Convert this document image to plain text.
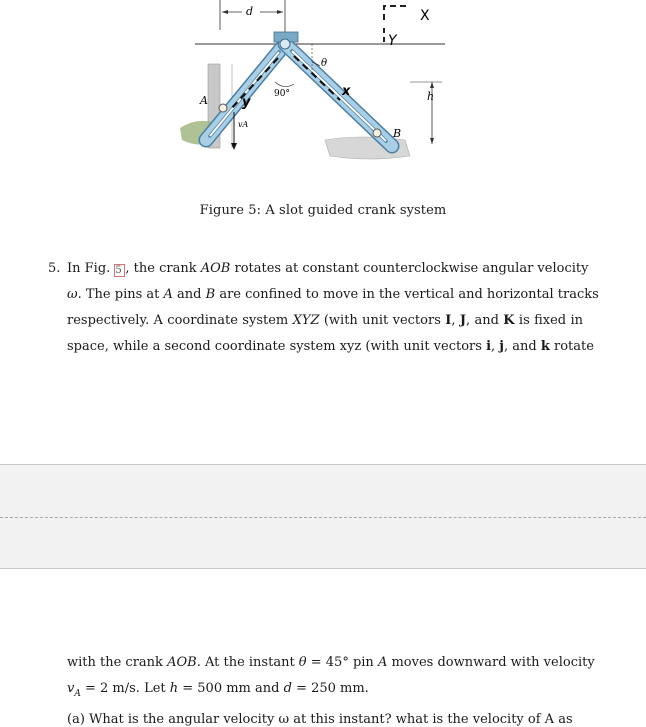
d	X
Y
h
θ
x
y
90°
A
B
vA
Figure 5: A slot guided crank system
5. In Fig. 5 , the crank AOB rotates at constant counterclockwise angular velocity
ω. The pins at A and B are confined to move in the vertical and horizontal tracks
respectively. A coordinate system XYZ (with unit vectors I, J, and K is fixed in
space, while a second coordinate system xyz (with unit vectors i, j, and k rotate
with the crank AOB. At the instant θ = 45° pin A moves downward with velocity
$v_A = 2$ m/s. Let h = 500 mm and d = 250 mm.
(a) What is the angular velocity ω at this instant? what is the velocity of A as
